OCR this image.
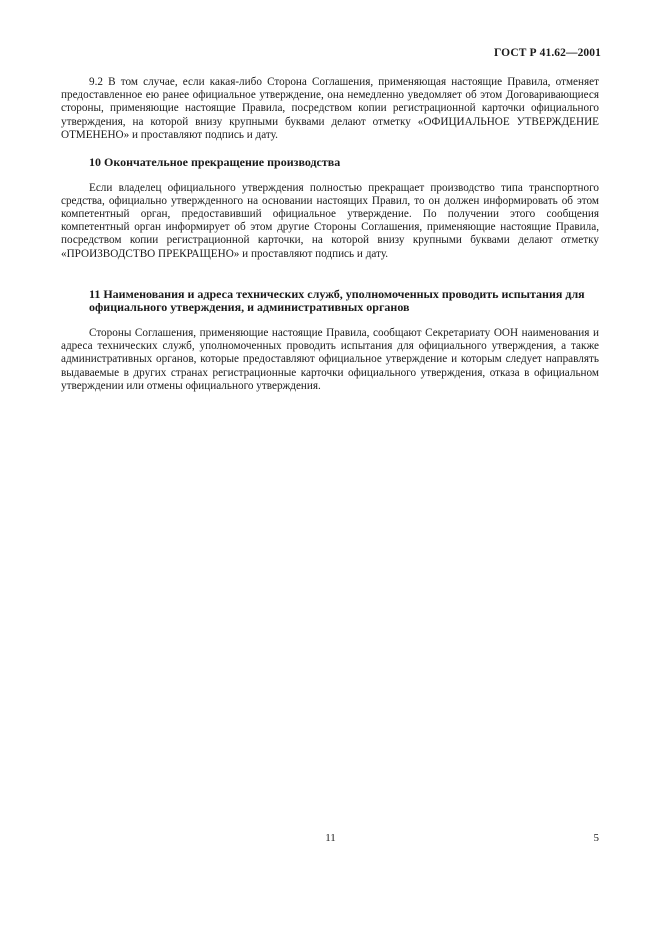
ГОСТ Р 41.62—2001

9.2 В том случае, если какая-либо Сторона Соглашения, применяющая настоящие Правила, отменяет предоставленное ею ранее официальное утверждение, она немедленно уведомляет об этом Договаривающиеся стороны, применяющие настоящие Правила, посредством копии регистрационной карточки официального утверждения, на которой внизу крупными буквами делают отметку «ОФИЦИАЛЬНОЕ УТВЕРЖДЕНИЕ ОТМЕНЕНО» и проставляют подпись и дату.

10 Окончательное прекращение производства

Если владелец официального утверждения полностью прекращает производство типа транспортного средства, официально утвержденного на основании настоящих Правил, то он должен информировать об этом компетентный орган, предоставивший официальное утверждение. По получении этого сообщения компетентный орган информирует об этом другие Стороны Соглашения, применяющие настоящие Правила, посредством копии регистрационной карточки, на которой внизу крупными буквами делают отметку «ПРОИЗВОДСТВО ПРЕКРАЩЕНО» и проставляют подпись и дату.

11 Наименования и адреса технических служб, уполномоченных проводить испытания для официального утверждения, и административных органов

Стороны Соглашения, применяющие настоящие Правила, сообщают Секретариату ООН наименования и адреса технических служб, уполномоченных проводить испытания для официального утверждения, а также административных органов, которые предоставляют официальное утверждение и которым следует направлять выдаваемые в других странах регистрационные карточки официального утверждения, отказа в официальном утверждении или отмены официального утверждения.

11	5
